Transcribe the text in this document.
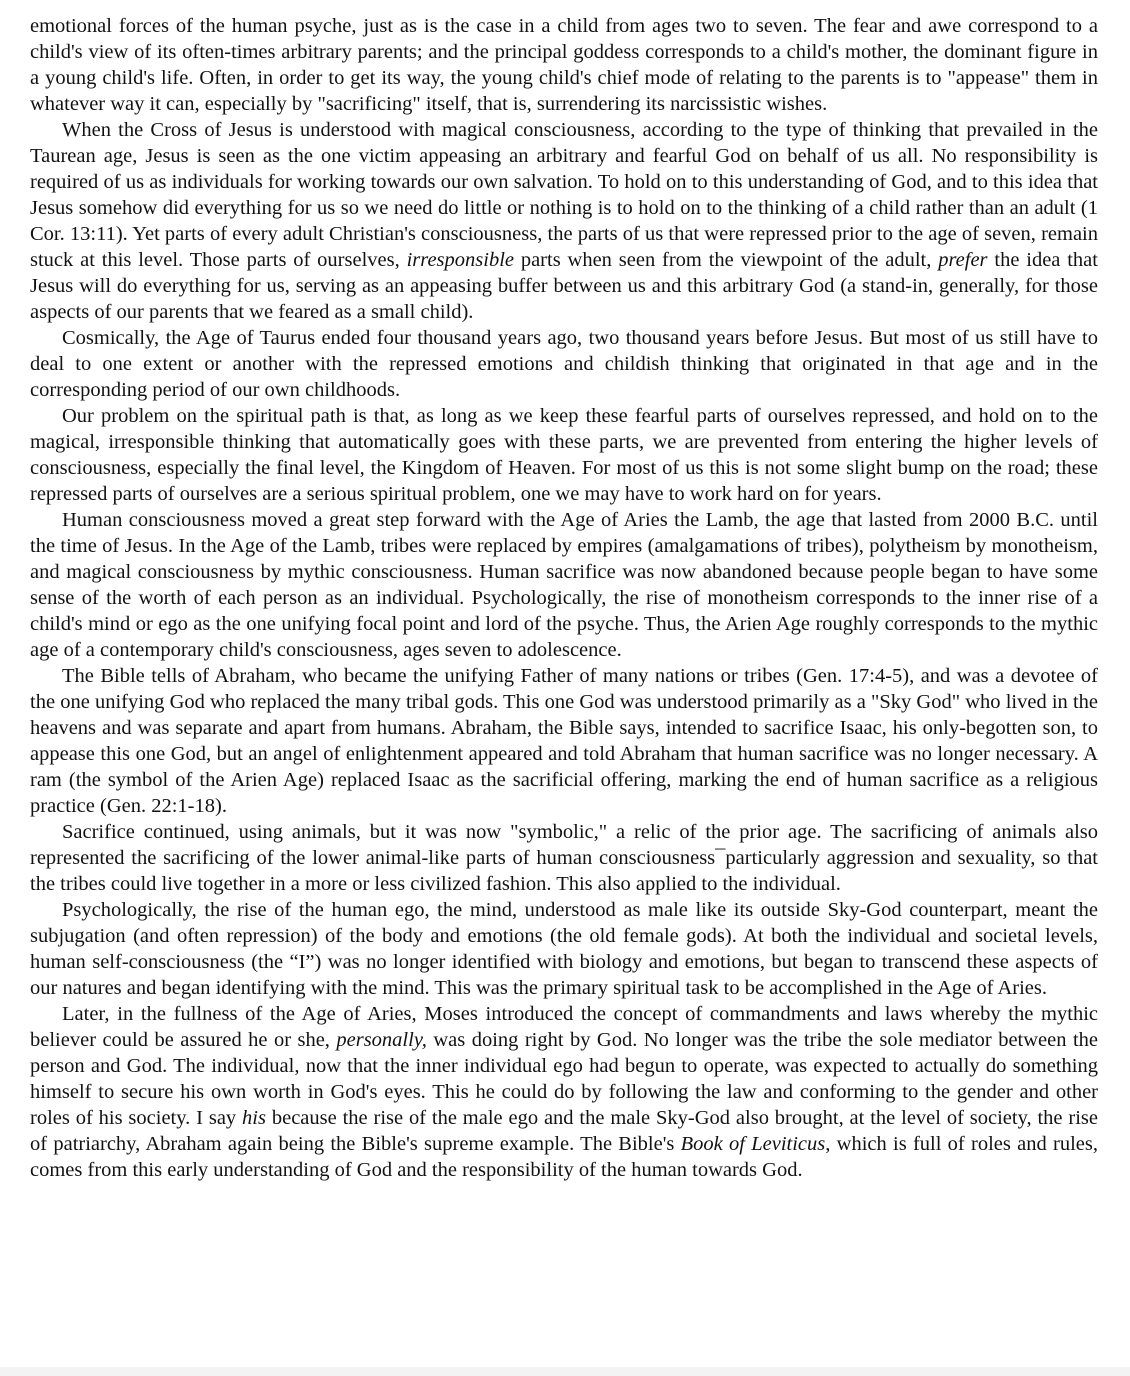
emotional forces of the human psyche, just as is the case in a child from ages two to seven. The fear and awe correspond to a child's view of its often-times arbitrary parents; and the principal goddess corresponds to a child's mother, the dominant figure in a young child's life. Often, in order to get its way, the young child's chief mode of relating to the parents is to "appease" them in whatever way it can, especially by "sacrificing" itself, that is, surrendering its narcissistic wishes.

When the Cross of Jesus is understood with magical consciousness, according to the type of thinking that prevailed in the Taurean age, Jesus is seen as the one victim appeasing an arbitrary and fearful God on behalf of us all. No responsibility is required of us as individuals for working towards our own salvation. To hold on to this understanding of God, and to this idea that Jesus somehow did everything for us so we need do little or nothing is to hold on to the thinking of a child rather than an adult (1 Cor. 13:11). Yet parts of every adult Christian's consciousness, the parts of us that were repressed prior to the age of seven, remain stuck at this level. Those parts of ourselves, irresponsible parts when seen from the viewpoint of the adult, prefer the idea that Jesus will do everything for us, serving as an appeasing buffer between us and this arbitrary God (a stand-in, generally, for those aspects of our parents that we feared as a small child).

Cosmically, the Age of Taurus ended four thousand years ago, two thousand years before Jesus. But most of us still have to deal to one extent or another with the repressed emotions and childish thinking that originated in that age and in the corresponding period of our own childhoods.

Our problem on the spiritual path is that, as long as we keep these fearful parts of ourselves repressed, and hold on to the magical, irresponsible thinking that automatically goes with these parts, we are prevented from entering the higher levels of consciousness, especially the final level, the Kingdom of Heaven. For most of us this is not some slight bump on the road; these repressed parts of ourselves are a serious spiritual problem, one we may have to work hard on for years.

Human consciousness moved a great step forward with the Age of Aries the Lamb, the age that lasted from 2000 B.C. until the time of Jesus. In the Age of the Lamb, tribes were replaced by empires (amalgamations of tribes), polytheism by monotheism, and magical consciousness by mythic consciousness. Human sacrifice was now abandoned because people began to have some sense of the worth of each person as an individual. Psychologically, the rise of monotheism corresponds to the inner rise of a child's mind or ego as the one unifying focal point and lord of the psyche. Thus, the Arien Age roughly corresponds to the mythic age of a contemporary child's consciousness, ages seven to adolescence.

The Bible tells of Abraham, who became the unifying Father of many nations or tribes (Gen. 17:4-5), and was a devotee of the one unifying God who replaced the many tribal gods. This one God was understood primarily as a "Sky God" who lived in the heavens and was separate and apart from humans. Abraham, the Bible says, intended to sacrifice Isaac, his only-begotten son, to appease this one God, but an angel of enlightenment appeared and told Abraham that human sacrifice was no longer necessary. A ram (the symbol of the Arien Age) replaced Isaac as the sacrificial offering, marking the end of human sacrifice as a religious practice (Gen. 22:1-18).

Sacrifice continued, using animals, but it was now "symbolic," a relic of the prior age. The sacrificing of animals also represented the sacrificing of the lower animal-like parts of human consciousness¯particularly aggression and sexuality, so that the tribes could live together in a more or less civilized fashion. This also applied to the individual.

Psychologically, the rise of the human ego, the mind, understood as male like its outside Sky-God counterpart, meant the subjugation (and often repression) of the body and emotions (the old female gods). At both the individual and societal levels, human self-consciousness (the “I”) was no longer identified with biology and emotions, but began to transcend these aspects of our natures and began identifying with the mind. This was the primary spiritual task to be accomplished in the Age of Aries.

Later, in the fullness of the Age of Aries, Moses introduced the concept of commandments and laws whereby the mythic believer could be assured he or she, personally, was doing right by God. No longer was the tribe the sole mediator between the person and God. The individual, now that the inner individual ego had begun to operate, was expected to actually do something himself to secure his own worth in God's eyes. This he could do by following the law and conforming to the gender and other roles of his society. I say his because the rise of the male ego and the male Sky-God also brought, at the level of society, the rise of patriarchy, Abraham again being the Bible's supreme example. The Bible's Book of Leviticus, which is full of roles and rules, comes from this early understanding of God and the responsibility of the human towards God.
